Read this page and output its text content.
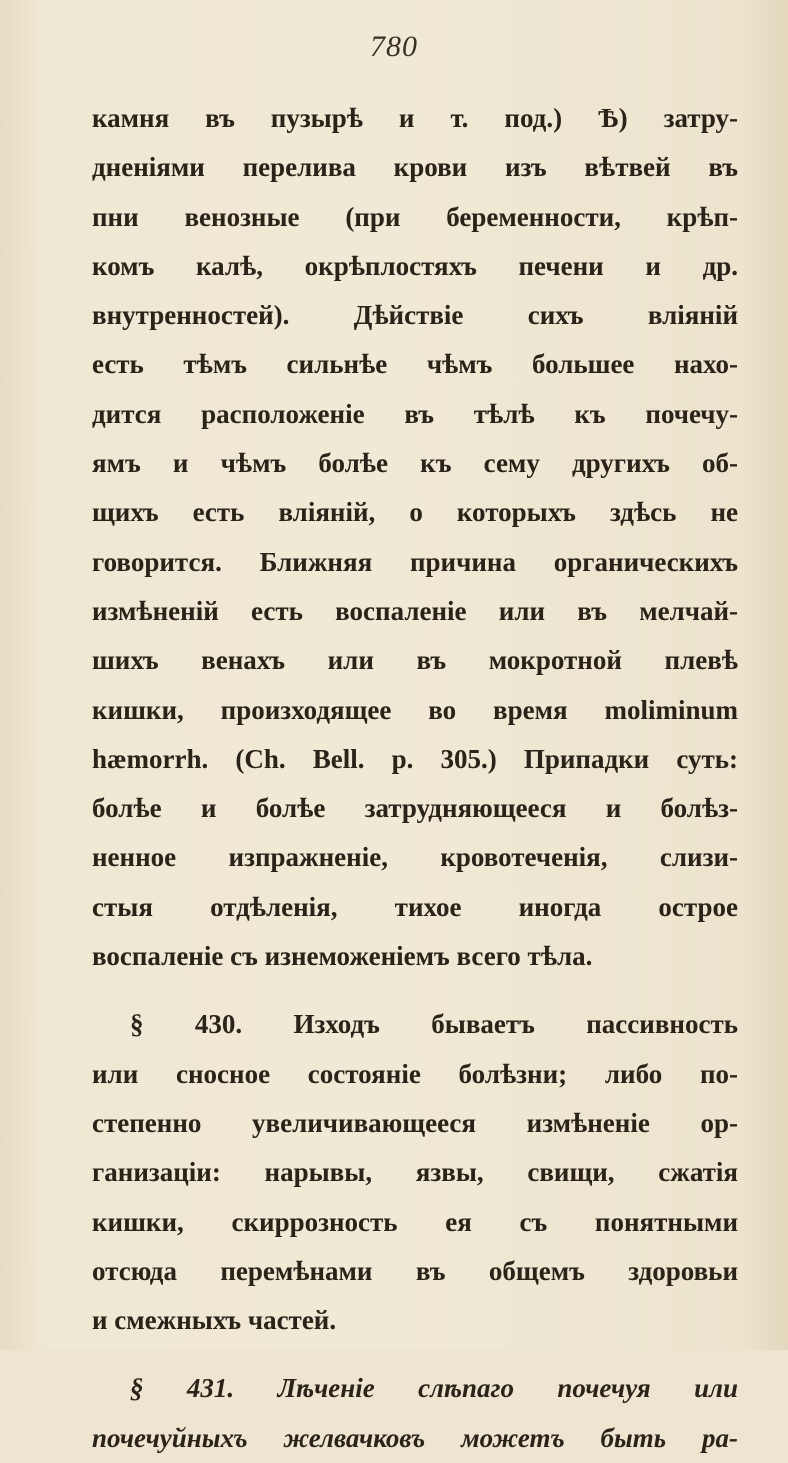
780
камня въ пузырѣ и т. под.) Ѣ) затру-
дненіями перелива крови изъ вѣтвей въ
пни венозные (при беременности, крѣп-
комъ калѣ, окрѣплостяхъ печени и др.
внутренностей). Дѣйствіе сихъ вліяній
есть тѣмъ сильнѣе чѣмъ большее нахо-
дится расположеніе въ тѣлѣ къ почечу-
ямъ и чѣмъ болѣе къ сему другихъ об-
щихъ есть вліяній, о которыхъ здѣсь не
говорится. Ближняя причина органическихъ
измѣненій есть воспаленіе или въ мелчай-
шихъ венахъ или въ мокротной плевѣ
кишки, произходящее во время moliminum
hæmorrh. (Ch. Bell. p. 305.) Припадки суть:
болѣе и болѣе затрудняющееся и болѣз-
ненное изпражненіе, кровотеченія, слизи-
стыя отдѣленія, тихое иногда острое
воспаленіе съ изнеможеніемъ всего тѣла.
§ 430. Изходъ бываетъ пассивность
или сносное состояніе болѣзни; либо по-
степенно увеличивающееся измѣненіе ор-
ганизаціи: нарывы, язвы, свищи, сжатія
кишки, скиррозность ея съ понятными
отсюда перемѣнами въ общемъ здоровьи
и смежныхъ частей.
§ 431. Лѣченіе слѣпаго почечуя или
почечуйныхъ желвачковъ можетъ быть ра-
